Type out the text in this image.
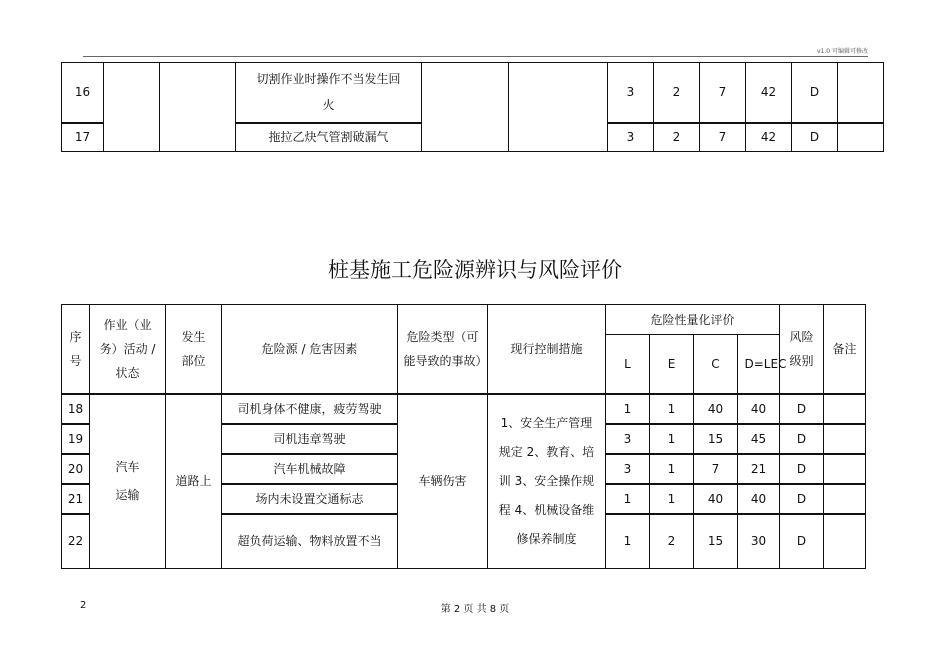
v1.0 可编辑可修改
16			切割作业时操作不当发生回火			3	2	7	42	D	
17			拖拉乙炔气管割破漏气			3	2	7	42	D	
桩基施工危险源辨识与风险评价
序号	作业（业务）活动 / 状态	发生部位	危险源 / 危害因素	危险类型（可能导致的事故）	现行控制措施	危险性量化评价				风险级别	备注
						L	E	C	D=LEC		

18	汽车运输	道路上	司机身体不健康，疲劳驾驶	车辆伤害	1、安全生产管理规定 2、教育、培训 3、安全操作规程 4、机械设备维修保养制度	1	1	40	40	D	
19			司机违章驾驶			3	1	15	45	D	
20			汽车机械故障			3	1	7	21	D	
21			场内未设置交通标志			1	1	40	40	D	
22			超负荷运输、物料放置不当			1	2	15	30	D	
2	第 2 页 共 8 页
